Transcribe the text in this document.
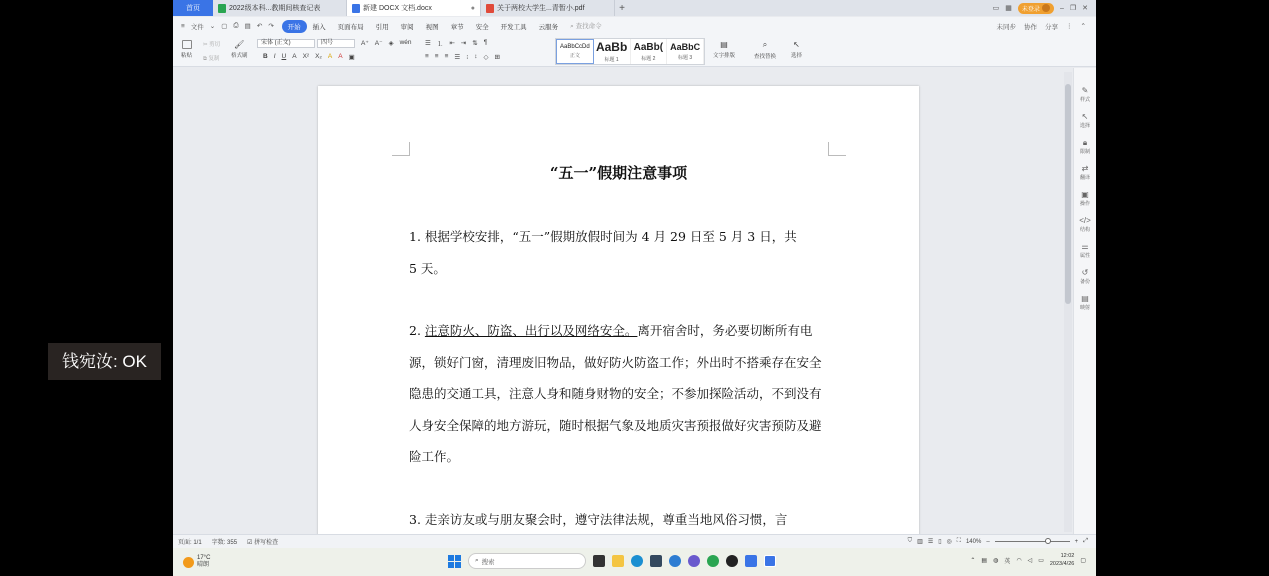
首页	2022级本科...教期间核查记表	新建 DOCX 文档.docx	●	关于两校大学生...青暂小.pdf	+	▭ ▦ 未登录	– ❐ ✕
≡ 文件 ⌄ ▢ ⎙ ▤ ↶ ↷	开始	插入	页面布局	引用	审阅	视图	章节	安全	开发工具	云服务	⌕ 查找命令	未同步 协作 分享 ⋮ ⌃
粘贴
✂ 剪切
⧉ 复制
🖌
格式刷
宋体 (正文)	四号	A⁺ A⁻ ◈ wén
B I U A X² X₂ A A ▣
☰ ⒈ ⇤ ⇥ ⇅ ¶
≡ ≡ ≡ ☰ ⁝ ↕ ◇ ⊞
AaBbCcDd
正文
AaBb
标题 1
AaBb(
标题 2
AaBbC
标题 3
▤
文字排版
⌕
查找替换
↖
选择
“五一”假期注意事项
1. 根据学校安排，“五一”假期放假时间为 4 月 29 日至 5 月 3 日，共
5 天。
2. 注意防火、防盗、出行以及网络安全。离开宿舍时，务必要切断所有电源，锁好门窗，清理废旧物品，做好防火防盗工作；外出时不搭乘存在安全隐患的交通工具，注意人身和随身财物的安全；不参加探险活动，不到没有人身安全保障的地方游玩，随时根据气象及地质灾害预报做好灾害预防及避险工作。
3. 走亲访友或与朋友聚会时，遵守法律法规，尊重当地风俗习惯，言
✎
样式
↖
选择
🔒︎
限制
⇄
翻译
▣
操作
</>
结构
⚌
属性
↺
备份
▤
映射
页面: 1/1 字数: 355 ☑ 拼写检查	⛉ ▥ ☰ ▯ ◎ ⛶ 140% –	+ ⤢
17°C
晴朗
⌕ 搜索	⌃ ▤ ◍ 英 ◠ ◁ ▭
12:02
2023/4/26
▢
钱宛汝: OK
